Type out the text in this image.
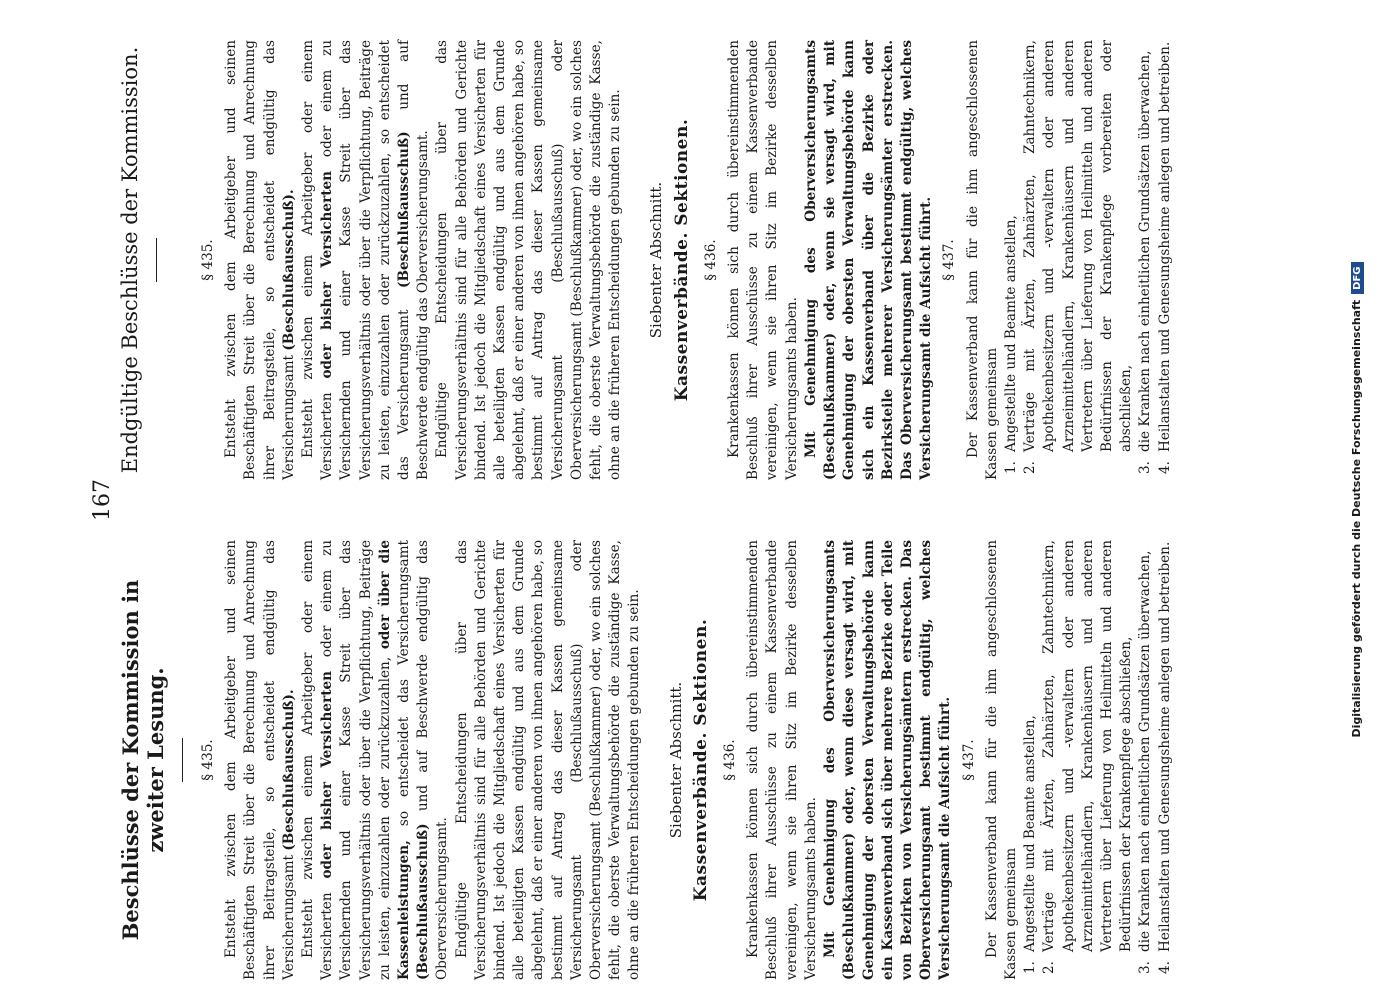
167
Beschlüsse der Kommission in zweiter Lesung.
Endgültige Beschlüsse der Kommission.

§ 435. Entsteht zwischen dem Arbeitgeber und seinen Beschäftigten Streit über die Berechnung und Anrechnung ihrer Beitragsteile, so entscheidet endgültig das Versicherungsamt (Beschlußausschuß). Entsteht zwischen einem Arbeitgeber oder einem Versicherten oder bisher Versicherten oder einem zu Versichernden und einer Kasse Streit über das Versicherungsverhältnis oder über die Verpflichtung, Beiträge zu leisten, einzuzahlen oder zurückzuzahlen, oder über die Kassenleistungen, so entscheidet das Versicherungsamt (Beschlußausschuß) und auf Beschwerde endgültig das Oberversicherungsamt. Endgültige Entscheidungen über das Versicherungsverhältnis sind für alle Behörden und Gerichte bindend. Ist jedoch die Mitgliedschaft eines Versicherten für alle beteiligten Kassen endgültig und aus dem Grunde abgelehnt, daß er einer anderen von ihnen angehören habe, so bestimmt auf Antrag das dieser Kassen gemeinsame Versicherungsamt (Beschlußausschuß) oder Oberversicherungsamt (Beschlußkammer) oder, wo ein solches fehlt, die oberste Verwaltungsbehörde die zuständige Kasse, ohne an die früheren Entscheidungen gebunden zu sein. Siebenter Abschnitt. Kassenverbände. Sektionen. § 436. Krankenkassen können sich durch übereinstimmenden Beschluß ihrer Ausschüsse zu einem Kassenverbande vereinigen, wenn sie ihren Sitz im Bezirke desselben Versicherungsamts haben. Mit Genehmigung des Oberversicherungsamts (Beschlußkammer) oder, wenn diese versagt wird, mit Genehmigung der obersten Verwaltungsbehörde kann ein Kassenverband sich über mehrere Bezirke oder Teile von Bezirken von Versicherungsämtern erstrecken. Das Oberversicherungsamt bestimmt endgültig, welches Versicherungsamt die Aufsicht führt. § 437. Der Kassenverband kann für die ihm angeschlossenen Kassen gemeinsam 1.
Angestellte und Beamte anstellen,

2.
Verträge mit Ärzten, Zahnärzten, Zahntechnikern, Apothekenbesitzern und -verwaltern oder anderen Arzneimittelhändlern, Krankenhäusern und anderen Vertretern über Lieferung von Heilmitteln und anderen Bedürfnissen der Krankenpflege abschließen,

3.
die Kranken nach einheitlichen Grundsätzen überwachen,

4.
Heilanstalten und Genesungsheime anlegen und betreiben.

§ 435. Entsteht zwischen dem Arbeitgeber und seinen Beschäftigten Streit über die Berechnung und Anrechnung ihrer Beitragsteile, so entscheidet endgültig das Versicherungsamt (Beschlußausschuß). Entsteht zwischen einem Arbeitgeber oder einem Versicherten oder bisher Versicherten oder einem zu Versichernden und einer Kasse Streit über das Versicherungsverhältnis oder über die Verpflichtung, Beiträge zu leisten, einzuzahlen oder zurückzuzahlen, so entscheidet das Versicherungsamt (Beschlußausschuß) und auf Beschwerde endgültig das Oberversicherungsamt. Endgültige Entscheidungen über das Versicherungsverhältnis sind für alle Behörden und Gerichte bindend. Ist jedoch die Mitgliedschaft eines Versicherten für alle beteiligten Kassen endgültig und aus dem Grunde abgelehnt, daß er einer anderen von ihnen angehören habe, so bestimmt auf Antrag das dieser Kassen gemeinsame Versicherungsamt (Beschlußausschuß) oder Oberversicherungsamt (Beschlußkammer) oder, wo ein solches fehlt, die oberste Verwaltungsbehörde die zuständige Kasse, ohne an die früheren Entscheidungen gebunden zu sein. Siebenter Abschnitt. Kassenverbände. Sektionen. § 436. Krankenkassen können sich durch übereinstimmenden Beschluß ihrer Ausschüsse zu einem Kassenverbande vereinigen, wenn sie ihren Sitz im Bezirke desselben Versicherungsamts haben. Mit Genehmigung des Oberversicherungsamts (Beschlußkammer) oder, wenn sie versagt wird, mit Genehmigung der obersten Verwaltungsbehörde kann sich ein Kassenverband über die Bezirke oder Bezirksteile mehrerer Versicherungsämter erstrecken. Das Oberversicherungsamt bestimmt endgültig, welches Versicherungsamt die Aufsicht führt. § 437. Der Kassenverband kann für die ihm angeschlossenen Kassen gemeinsam 1.
Angestellte und Beamte anstellen,

2.
Verträge mit Ärzten, Zahnärzten, Zahntechnikern, Apothekenbesitzern und -verwaltern oder anderen Arzneimittelhändlern, Krankenhäusern und anderen Vertretern über Lieferung von Heilmitteln und anderen Bedürfnissen der Krankenpflege vorbereiten oder abschließen,

3.
die Kranken nach einheitlichen Grundsätzen überwachen,

4.
Heilanstalten und Genesungsheime anlegen und betreiben.

Digitalisierung gefördert durch die Deutsche ForschungsgemeinschaftDFG
